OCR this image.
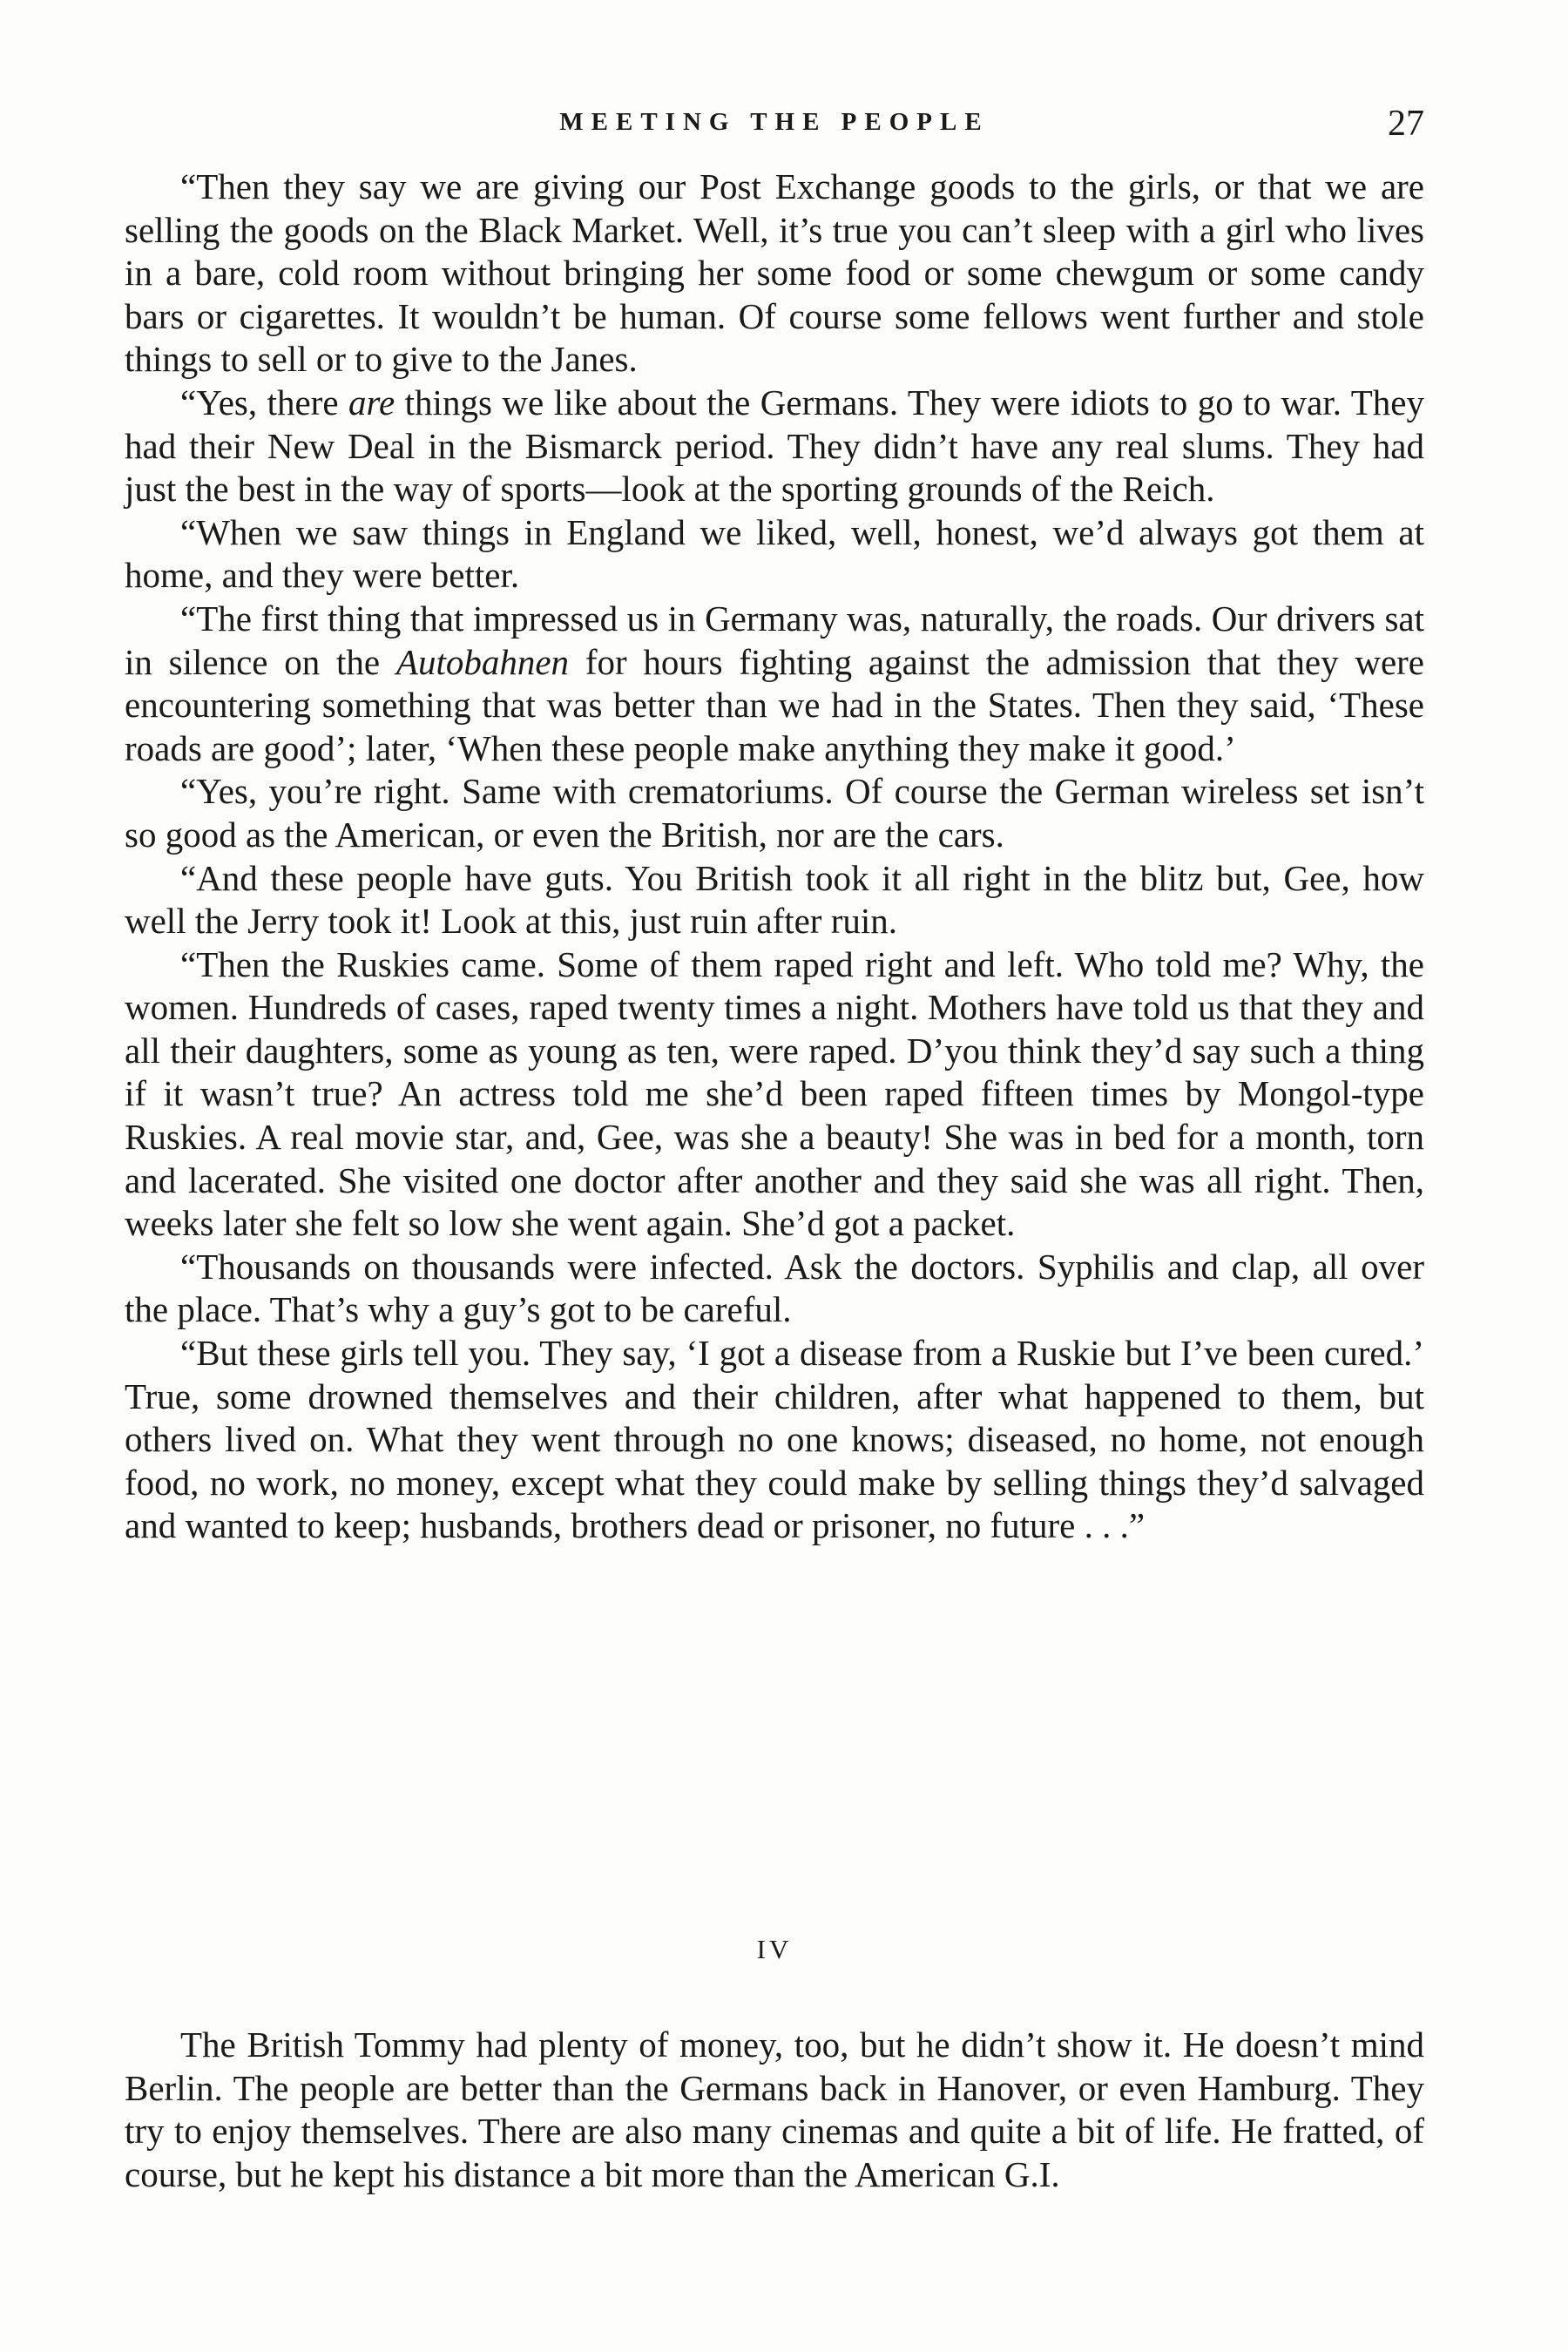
MEETING THE PEOPLE	27

“Then they say we are giving our Post Exchange goods to the girls, or that we are selling the goods on the Black Market. Well, it’s true you can’t sleep with a girl who lives in a bare, cold room without bringing her some food or some chewgum or some candy bars or cigarettes. It wouldn’t be human. Of course some fellows went further and stole things to sell or to give to the Janes.

“Yes, there are things we like about the Germans. They were idiots to go to war. They had their New Deal in the Bismarck period. They didn’t have any real slums. They had just the best in the way of sports—look at the sporting grounds of the Reich.

“When we saw things in England we liked, well, honest, we’d always got them at home, and they were better.

“The first thing that impressed us in Germany was, naturally, the roads. Our drivers sat in silence on the Autobahnen for hours fighting against the admission that they were encountering something that was better than we had in the States. Then they said, ‘These roads are good’; later, ‘When these people make anything they make it good.’

“Yes, you’re right. Same with crematoriums. Of course the German wireless set isn’t so good as the American, or even the British, nor are the cars.

“And these people have guts. You British took it all right in the blitz but, Gee, how well the Jerry took it! Look at this, just ruin after ruin.

“Then the Ruskies came. Some of them raped right and left. Who told me? Why, the women. Hundreds of cases, raped twenty times a night. Mothers have told us that they and all their daughters, some as young as ten, were raped. D’you think they’d say such a thing if it wasn’t true? An actress told me she’d been raped fifteen times by Mongol-type Ruskies. A real movie star, and, Gee, was she a beauty! She was in bed for a month, torn and lacerated. She visited one doctor after another and they said she was all right. Then, weeks later she felt so low she went again. She’d got a packet.

“Thousands on thousands were infected. Ask the doctors. Syphilis and clap, all over the place. That’s why a guy’s got to be careful.

“But these girls tell you. They say, ‘I got a disease from a Ruskie but I’ve been cured.’ True, some drowned themselves and their children, after what happened to them, but others lived on. What they went through no one knows; diseased, no home, not enough food, no work, no money, except what they could make by selling things they’d salvaged and wanted to keep; husbands, brothers dead or prisoner, no future . . .”

IV

The British Tommy had plenty of money, too, but he didn’t show it. He doesn’t mind Berlin. The people are better than the Germans back in Hanover, or even Hamburg. They try to enjoy themselves. There are also many cinemas and quite a bit of life. He fratted, of course, but he kept his distance a bit more than the American G.I.
